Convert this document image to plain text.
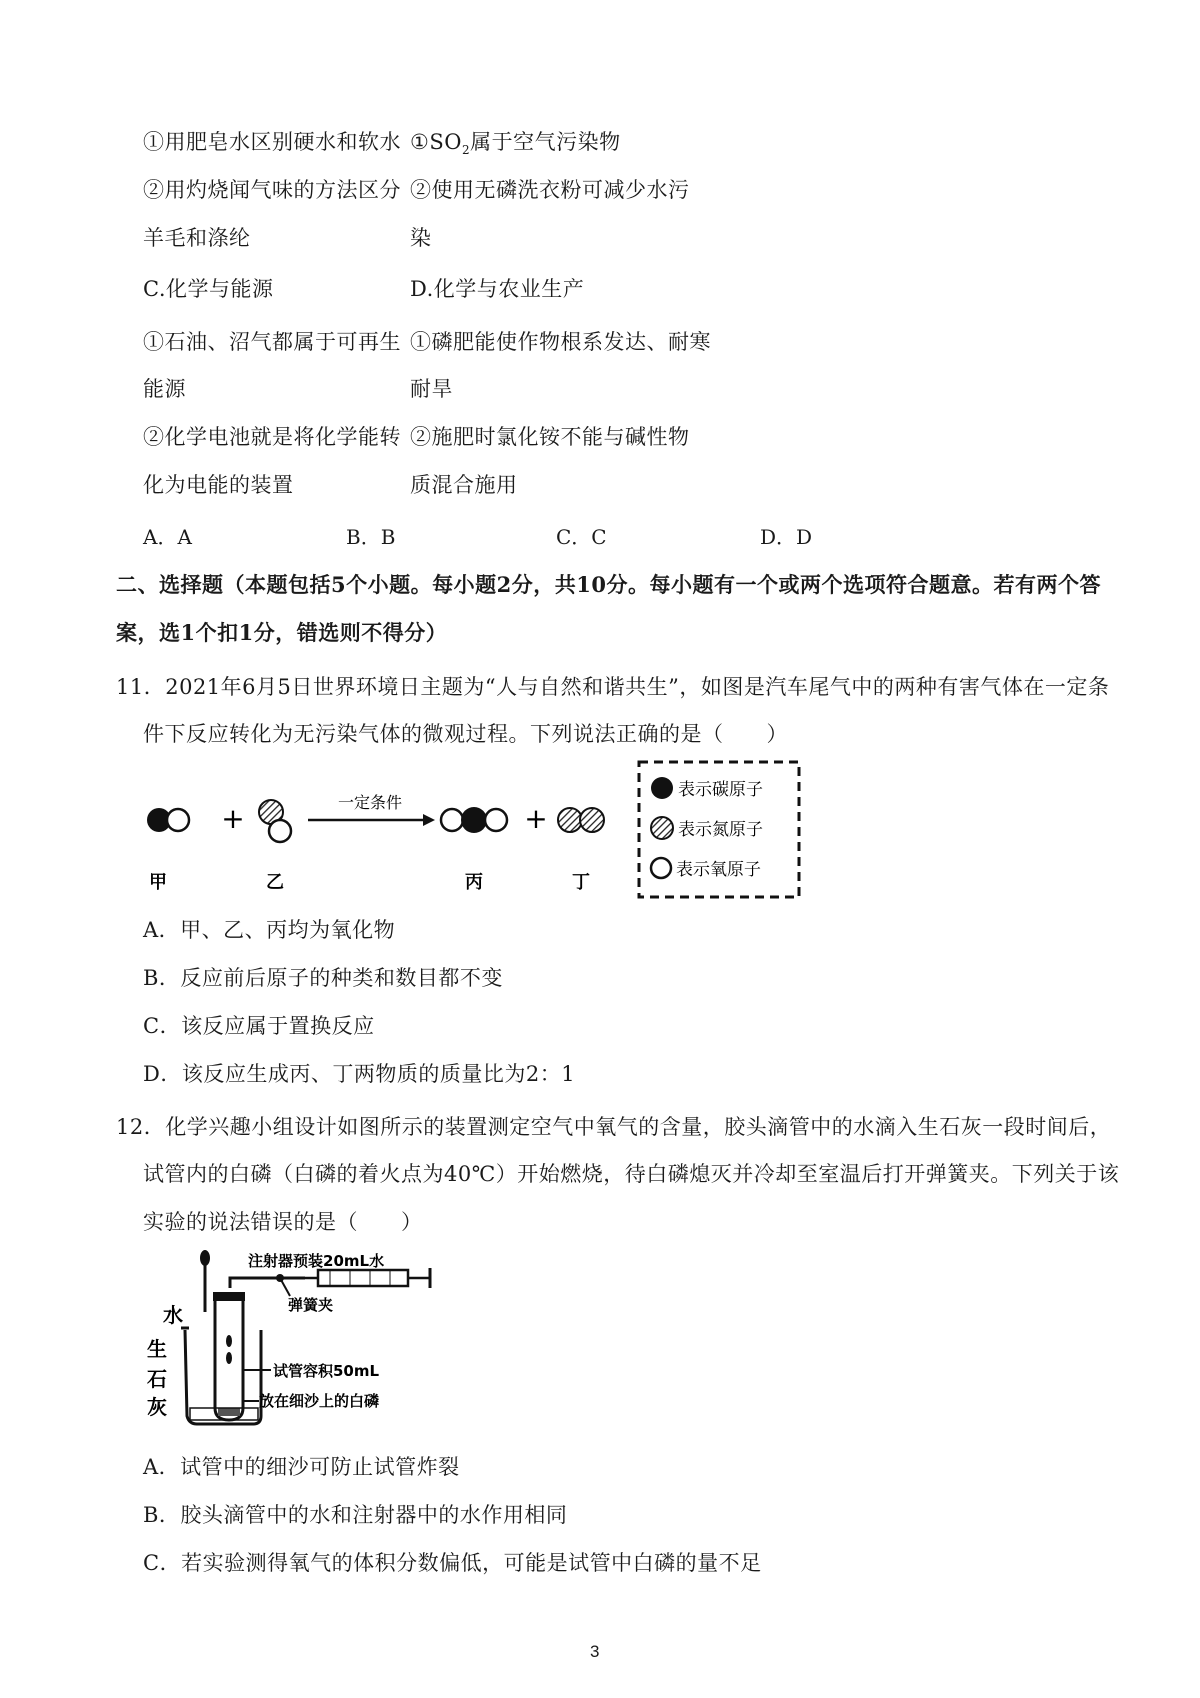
①用肥皂水区别硬水和软水 $①SO_2$属于空气污染物
②用灼烧闻气味的方法区分 ②使用无磷洗衣粉可减少水污
羊毛和涤纶	染
C.化学与能源	D.化学与农业生产
①石油、沼气都属于可再生 ①磷肥能使作物根系发达、耐寒
能源	耐旱
②化学电池就是将化学能转 ②施肥时氯化铵不能与碱性物
化为电能的装置	质混合施用
A．A	B．B	C．C	D．D
二、选择题（本题包括5个小题。每小题2分，共10分。每小题有一个或两个选项符合题意。若有两个答
案，选1个扣1分，错选则不得分）
11．2021年6月5日世界环境日主题为“人与自然和谐共生”，如图是汽车尾气中的两种有害气体在一定条
件下反应转化为无污染气体的微观过程。下列说法正确的是（　　）
+	一定条件	+
甲	乙	丙	丁
表示碳原子
表示氮原子
表示氧原子
A．甲、乙、丙均为氧化物
B．反应前后原子的种类和数目都不变
C．该反应属于置换反应
D．该反应生成丙、丁两物质的质量比为2：1
12．化学兴趣小组设计如图所示的装置测定空气中氧气的含量，胶头滴管中的水滴入生石灰一段时间后，
试管内的白磷（白磷的着火点为40℃）开始燃烧，待白磷熄灭并冷却至室温后打开弹簧夹。下列关于该
实验的说法错误的是（　　）
水
注射器预装20mL水
弹簧夹
生
石
灰
试管容积50mL
放在细沙上的白磷
A．试管中的细沙可防止试管炸裂
B．胶头滴管中的水和注射器中的水作用相同
C．若实验测得氧气的体积分数偏低，可能是试管中白磷的量不足
3
